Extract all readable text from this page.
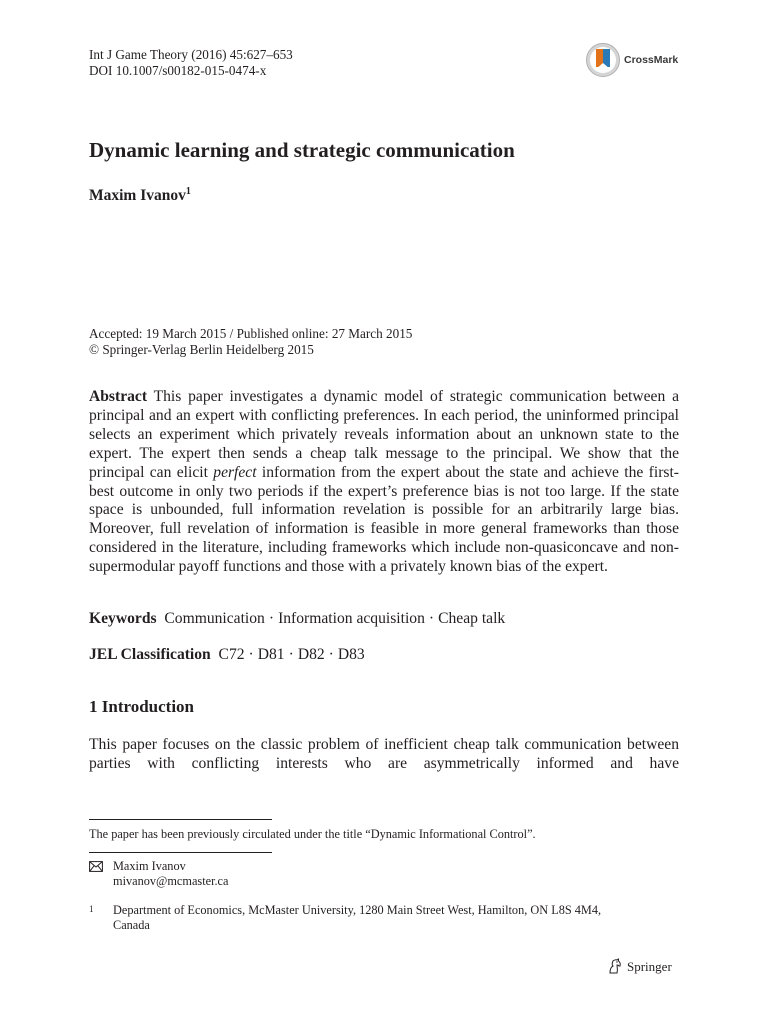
Int J Game Theory (2016) 45:627–653
DOI 10.1007/s00182-015-0474-x
CrossMark
Dynamic learning and strategic communication
Maxim Ivanov$^1$
Accepted: 19 March 2015 / Published online: 27 March 2015
© Springer-Verlag Berlin Heidelberg 2015

Abstract This paper investigates a dynamic model of strategic communication between a principal and an expert with conflicting preferences. In each period, the uninformed principal selects an experiment which privately reveals information about an unknown state to the expert. The expert then sends a cheap talk message to the principal. We show that the principal can elicit perfect information from the expert about the state and achieve the first-best outcome in only two periods if the expert’s preference bias is not too large. If the state space is unbounded, full information revelation is possible for an arbitrarily large bias. Moreover, full revelation of information is feasible in more general frameworks than those considered in the literature, including frameworks which include non-quasiconcave and non-supermodular payoff functions and those with a privately known bias of the expert.

Keywords Communication · Information acquisition · Cheap talk
JEL Classification C72 · D81 · D82 · D83
1 Introduction

This paper focuses on the classic problem of inefficient cheap talk communication between parties with conflicting interests who are asymmetrically informed and have

The paper has been previously circulated under the title “Dynamic Informational Control”.
Maxim Ivanov
mivanov@mcmaster.ca
1 Department of Economics, McMaster University, 1280 Main Street West, Hamilton, ON L8S 4M4,
Canada
Springer
